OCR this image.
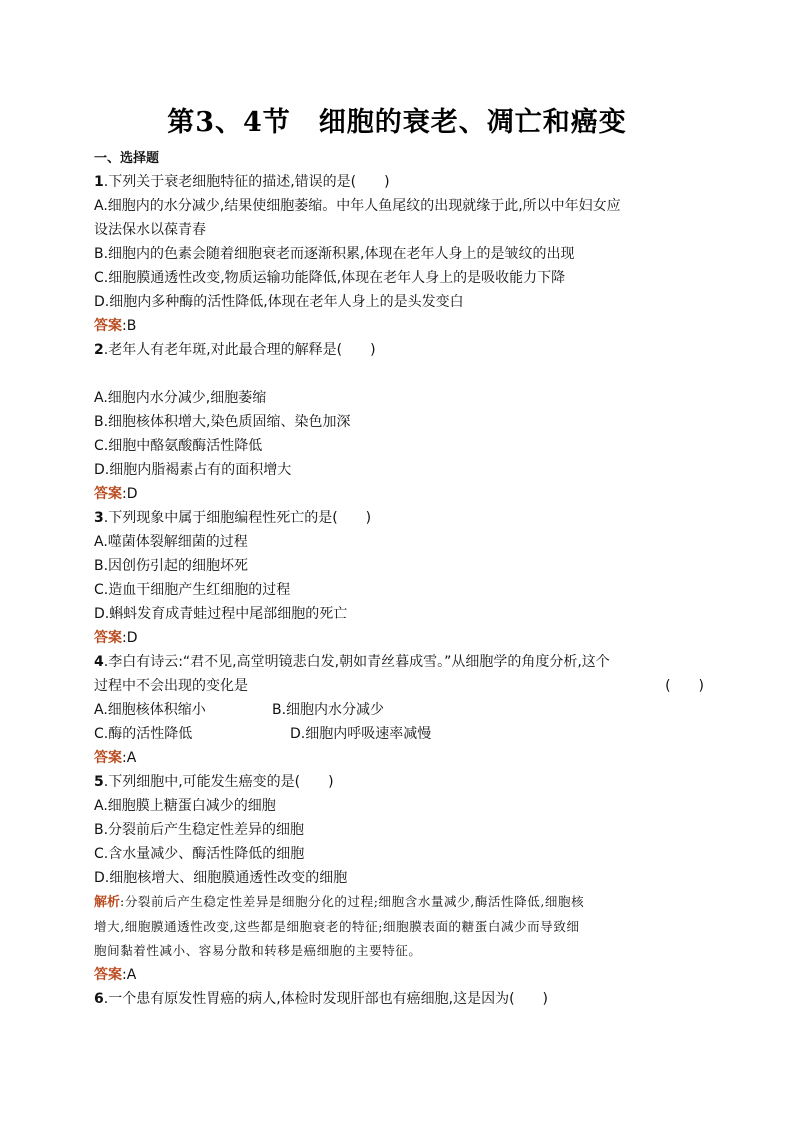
第3、4节　细胞的衰老、凋亡和癌变
一、选择题
1.下列关于衰老细胞特征的描述,错误的是(　　)
A.细胞内的水分减少,结果使细胞萎缩。中年人鱼尾纹的出现就缘于此,所以中年妇女应
设法保水以葆青春
B.细胞内的色素会随着细胞衰老而逐渐积累,体现在老年人身上的是皱纹的出现
C.细胞膜通透性改变,物质运输功能降低,体现在老年人身上的是吸收能力下降
D.细胞内多种酶的活性降低,体现在老年人身上的是头发变白
答案:B
2.老年人有老年斑,对此最合理的解释是(　　)
A.细胞内水分减少,细胞萎缩
B.细胞核体积增大,染色质固缩、染色加深
C.细胞中酪氨酸酶活性降低
D.细胞内脂褐素占有的面积增大
答案:D
3.下列现象中属于细胞编程性死亡的是(　　)
A.噬菌体裂解细菌的过程
B.因创伤引起的细胞坏死
C.造血干细胞产生红细胞的过程
D.蝌蚪发育成青蛙过程中尾部细胞的死亡
答案:D
4.李白有诗云:“君不见,高堂明镜悲白发,朝如青丝暮成雪。”从细胞学的角度分析,这个
过程中不会出现的变化是	(　　)
A.细胞核体积缩小	B.细胞内水分减少
C.酶的活性降低	D.细胞内呼吸速率减慢
答案:A
5.下列细胞中,可能发生癌变的是(　　)
A.细胞膜上糖蛋白减少的细胞
B.分裂前后产生稳定性差异的细胞
C.含水量减少、酶活性降低的细胞
D.细胞核增大、细胞膜通透性改变的细胞
解析:分裂前后产生稳定性差异是细胞分化的过程;细胞含水量减少,酶活性降低,细胞核
增大,细胞膜通透性改变,这些都是细胞衰老的特征;细胞膜表面的糖蛋白减少而导致细
胞间黏着性减小、容易分散和转移是癌细胞的主要特征。
答案:A
6.一个患有原发性胃癌的病人,体检时发现肝部也有癌细胞,这是因为(　　)
